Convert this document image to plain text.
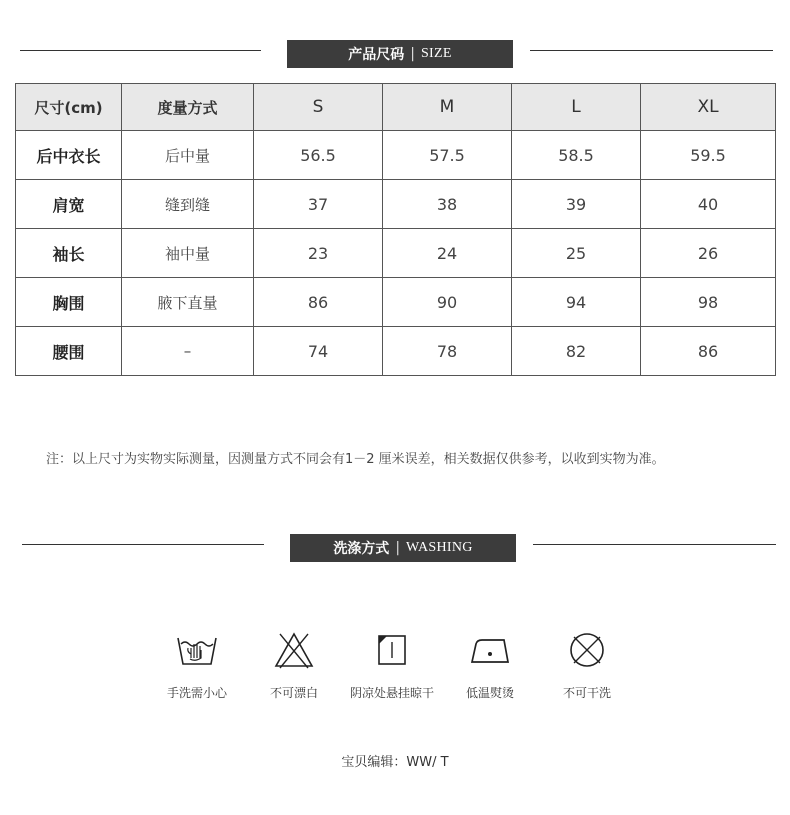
产品尺码 | SIZE
尺寸(cm)	度量方式	S	M	L	XL
后中衣长	后中量	56.5	57.5	58.5	59.5
肩宽	缝到缝	37	38	39	40
袖长	袖中量	23	24	25	26
胸围	腋下直量	86	90	94	98
腰围	–	74	78	82	86
注：以上尺寸为实物实际测量，因测量方式不同会有1－2 厘米误差，相关数据仅供参考，以收到实物为准。
洗涤方式 | WASHING
手洗需小心	不可漂白	阴凉处悬挂晾干	低温熨烫	不可干洗
宝贝编辑：WW/ T
